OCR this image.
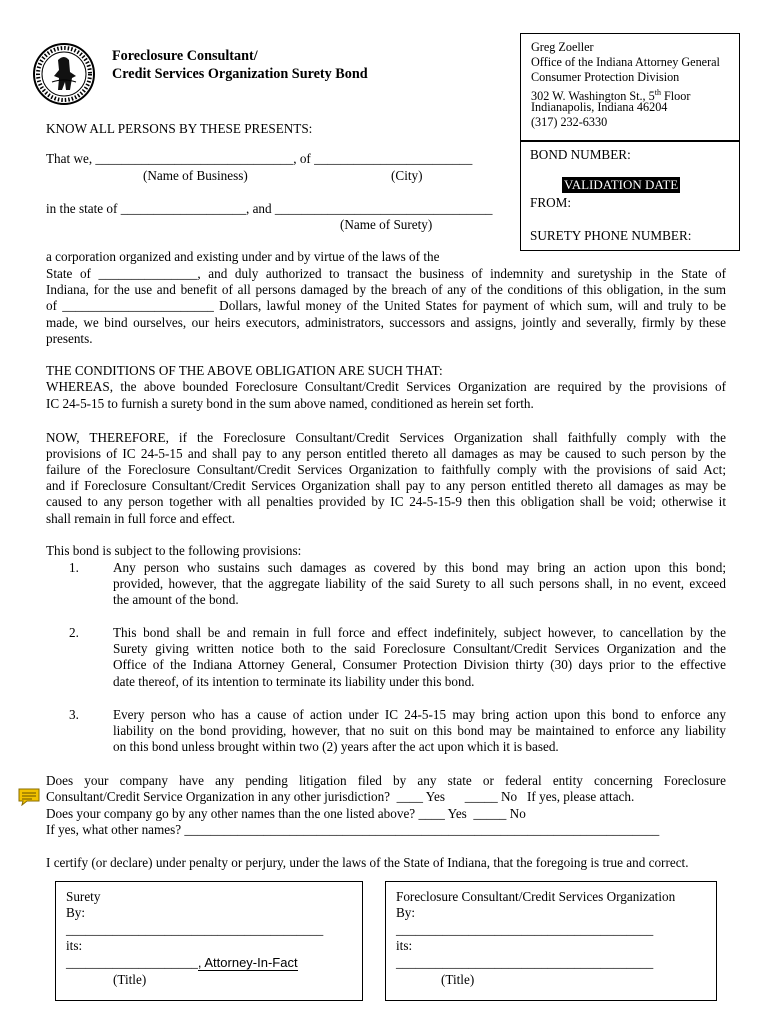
Foreclosure Consultant/
Credit Services Organization Surety Bond
Greg Zoeller
Office of the Indiana Attorney General
Consumer Protection Division
302 W. Washington St., 5th Floor
Indianapolis, Indiana 46204
(317) 232-6330
BOND NUMBER:
VALIDATION DATE
FROM:
SURETY PHONE NUMBER:
KNOW ALL PERSONS BY THESE PRESENTS:
That we, ______________________________, of ________________________
(Name of Business)	(City)
in the state of ___________________, and _________________________________
(Name of Surety)
a corporation organized and existing under and by virtue of the laws of the
State of _______________, and duly authorized to transact the business of indemnity and suretyship in the State of
Indiana, for the use and benefit of all persons damaged by the breach of any of the conditions of this obligation, in the sum
of _______________________ Dollars, lawful money of the United States for payment of which sum, will and truly to be
made, we bind ourselves, our heirs executors, administrators, successors and assigns, jointly and severally, firmly by these
presents.
THE CONDITIONS OF THE ABOVE OBLIGATION ARE SUCH THAT:
WHEREAS, the above bounded Foreclosure Consultant/Credit Services Organization are required by the provisions of
IC 24-5-15 to furnish a surety bond in the sum above named, conditioned as herein set forth.
NOW, THEREFORE, if the Foreclosure Consultant/Credit Services Organization shall faithfully comply with the
provisions of IC 24-5-15 and shall pay to any person entitled thereto all damages as may be caused to such person by the
failure of the Foreclosure Consultant/Credit Services Organization to faithfully comply with the provisions of said Act;
and if Foreclosure Consultant/Credit Services Organization shall pay to any person entitled thereto all damages as may be
caused to any person together with all penalties provided by IC 24-5-15-9 then this obligation shall be void; otherwise it
shall remain in full force and effect.
This bond is subject to the following provisions:
1.	Any person who sustains such damages as covered by this bond may bring an action upon this bond;
provided, however, that the aggregate liability of the said Surety to all such persons shall, in no event, exceed
the amount of the bond.
2.	This bond shall be and remain in full force and effect indefinitely, subject however, to cancellation by the
Surety giving written notice both to the said Foreclosure Consultant/Credit Services Organization and the
Office of the Indiana Attorney General, Consumer Protection Division thirty (30) days prior to the effective
date thereof, of its intention to terminate its liability under this bond.
3.	Every person who has a cause of action under IC 24-5-15 may bring action upon this bond to enforce any
liability on the bond providing, however, that no suit on this bond may be maintained to enforce any liability
on this bond unless brought within two (2) years after the act upon which it is based.
Does your company have any pending litigation filed by any state or federal entity concerning Foreclosure
Consultant/Credit Service Organization in any other jurisdiction?  ____ Yes      _____ No   If yes, please attach.
Does your company go by any other names than the one listed above? ____ Yes  _____ No
If yes, what other names? ________________________________________________________________________
I certify (or declare) under penalty or perjury, under the laws of the State of Indiana, that the foregoing is true and correct.
Surety
By:
_______________________________________
its:
____________________, Attorney-In-Fact
(Title)
Foreclosure Consultant/Credit Services Organization
By:
_______________________________________
its:
_______________________________________
(Title)
